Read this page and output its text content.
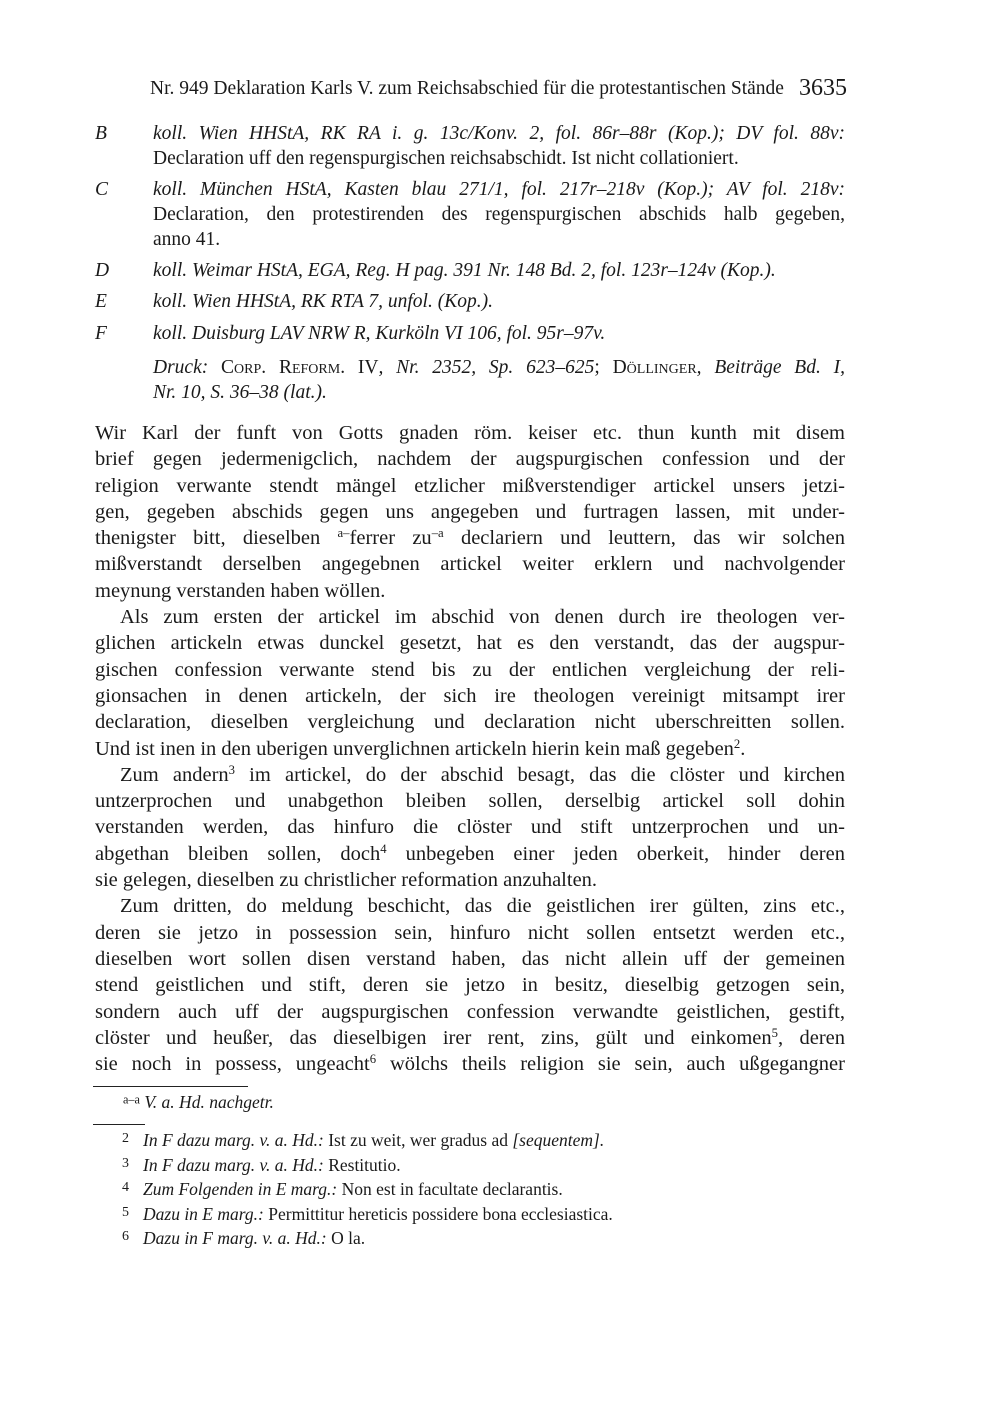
Nr. 949 Deklaration Karls V. zum Reichsabschied für die protestantischen Stände 3635
B koll. Wien HHStA, RK RA i. g. 13c/Konv. 2, fol. 86r–88r (Kop.); DV fol. 88v:
Declaration uff den regenspurgischen reichsabschidt. Ist nicht collationiert.
C koll. München HStA, Kasten blau 271/1, fol. 217r–218v (Kop.); AV fol. 218v:
Declaration, den protestirenden des regenspurgischen abschids halb gegeben,
anno 41.
D koll. Weimar HStA, EGA, Reg. H pag. 391 Nr. 148 Bd. 2, fol. 123r–124v (Kop.).
E koll. Wien HHStA, RK RTA 7, unfol. (Kop.).
F koll. Duisburg LAV NRW R, Kurköln VI 106, fol. 95r–97v.
Druck: Corp. Reform. IV, Nr. 2352, Sp. 623–625; Döllinger, Beiträge Bd. I,
Nr. 10, S. 36–38 (lat.).
Wir Karl der funft von Gotts gnaden röm. keiser etc. thun kunth mit disem
brief gegen jedermenigclich, nachdem der augspurgischen confession und der
religion verwante stendt mängel etzlicher mißverstendiger artickel unsers jetzi-
gen, gegeben abschids gegen uns angegeben und furtragen lassen, mit under-
thenigster bitt, dieselben $^{a-}$ferrer $zu^{-a}$ declariern und leuttern, das wir solchen
mißverstandt derselben angegebnen artickel weiter erklern und nachvolgender
meynung verstanden haben wöllen.
Als zum ersten der artickel im abschid von denen durch ire theologen ver-
glichen artickeln etwas dunckel gesetzt, hat es den verstandt, das der augspur-
gischen confession verwante stend bis zu der entlichen vergleichung der reli-
gionsachen in denen artickeln, der sich ire theologen vereinigt mitsampt irer
declaration, dieselben vergleichung und declaration nicht uberschreitten sollen.
Und ist inen in den uberigen unverglichnen artickeln hierin kein maß gegeben$^2$.
Zum andern$^3$ im artickel, do der abschid besagt, das die clöster und kirchen
untzerprochen und unabgethon bleiben sollen, derselbig artickel soll dohin
verstanden werden, das hinfuro die clöster und stift untzerprochen und un-
abgethan bleiben sollen, doch$^4$ unbegeben einer jeden oberkeit, hinder deren
sie gelegen, dieselben zu christlicher reformation anzuhalten.
Zum dritten, do meldung beschicht, das die geistlichen irer gülten, zins etc.,
deren sie jetzo in possession sein, hinfuro nicht sollen entsetzt werden etc.,
dieselben wort sollen disen verstand haben, das nicht allein uff der gemeinen
stend geistlichen und stift, deren sie jetzo in besitz, dieselbig getzogen sein,
sondern auch uff der augspurgischen confession verwandte geistlichen, gestift,
clöster und heußer, das dieselbigen irer rent, zins, gült und einkomen$^5$, deren
sie noch in possess, ungeacht$^6$ wölchs theils religion sie sein, auch ußgegangner
$^{a-a}$ V. a. Hd. nachgetr.
$^2$ In F dazu marg. v. a. Hd.: Ist zu weit, wer gradus ad [sequentem].
$^3$ In F dazu marg. v. a. Hd.: Restitutio.
$^4$ Zum Folgenden in E marg.: Non est in facultate declarantis.
$^5$ Dazu in E marg.: Permittitur hereticis possidere bona ecclesiastica.
$^6$ Dazu in F marg. v. a. Hd.: O la.
